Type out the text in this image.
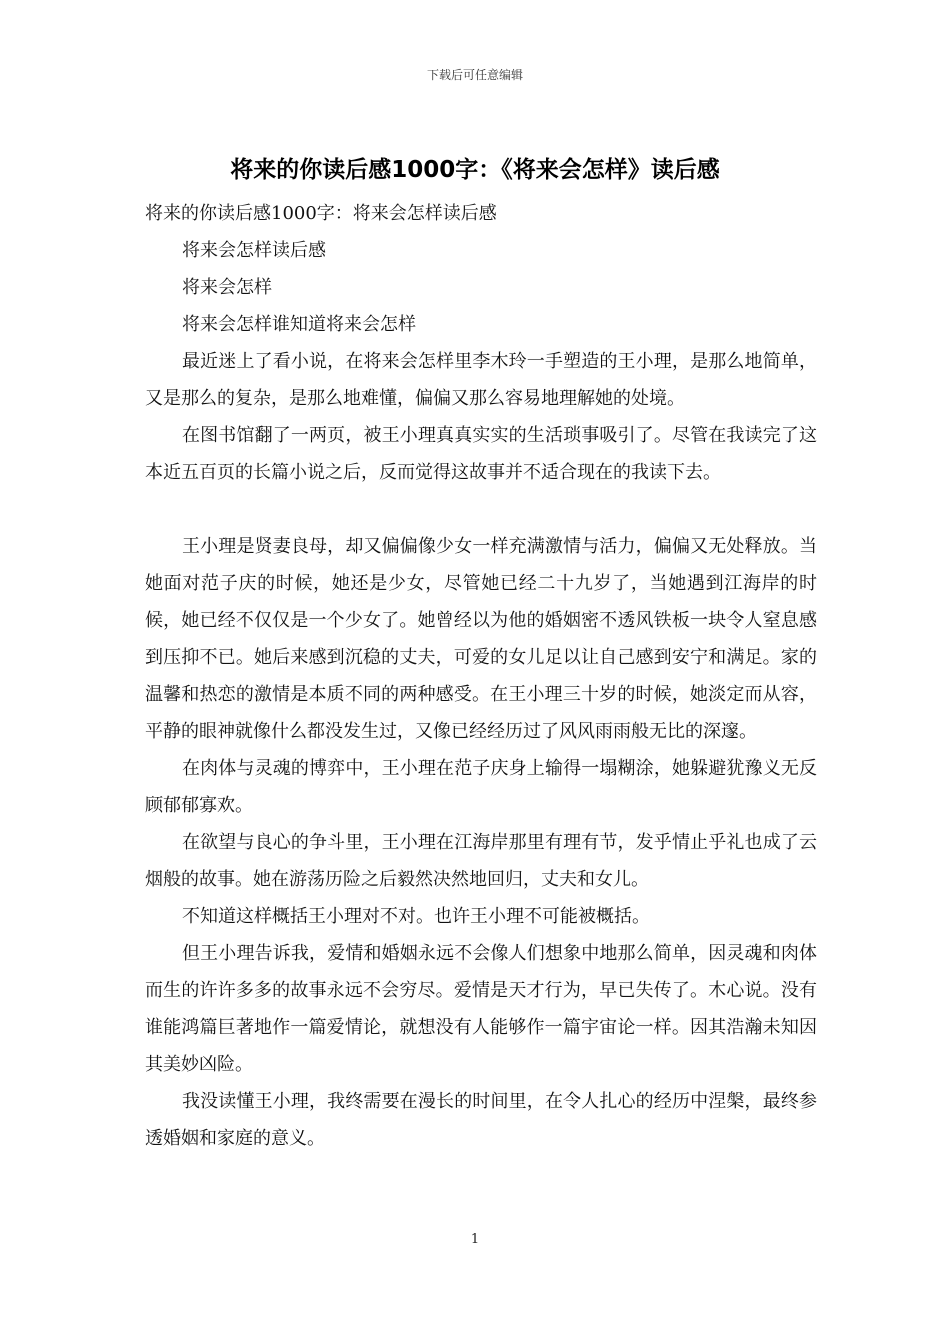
下载后可任意编辑
将来的你读后感1000字：《将来会怎样》读后感

将来的你读后感1000字：将来会怎样读后感

将来会怎样读后感

将来会怎样

将来会怎样谁知道将来会怎样

最近迷上了看小说，在将来会怎样里李木玲一手塑造的王小理，是那么地简单，又是那么的复杂，是那么地难懂，偏偏又那么容易地理解她的处境。

在图书馆翻了一两页，被王小理真真实实的生活琐事吸引了。尽管在我读完了这本近五百页的长篇小说之后，反而觉得这故事并不适合现在的我读下去。

王小理是贤妻良母，却又偏偏像少女一样充满激情与活力，偏偏又无处释放。当她面对范子庆的时候，她还是少女，尽管她已经二十九岁了，当她遇到江海岸的时候，她已经不仅仅是一个少女了。她曾经以为他的婚姻密不透风铁板一块令人窒息感到压抑不已。她后来感到沉稳的丈夫，可爱的女儿足以让自己感到安宁和满足。家的温馨和热恋的激情是本质不同的两种感受。在王小理三十岁的时候，她淡定而从容，平静的眼神就像什么都没发生过，又像已经经历过了风风雨雨般无比的深邃。

在肉体与灵魂的博弈中，王小理在范子庆身上输得一塌糊涂，她躲避犹豫义无反顾郁郁寡欢。

在欲望与良心的争斗里，王小理在江海岸那里有理有节，发乎情止乎礼也成了云烟般的故事。她在游荡历险之后毅然决然地回归，丈夫和女儿。

不知道这样概括王小理对不对。也许王小理不可能被概括。

但王小理告诉我，爱情和婚姻永远不会像人们想象中地那么简单，因灵魂和肉体而生的许许多多的故事永远不会穷尽。爱情是天才行为，早已失传了。木心说。没有谁能鸿篇巨著地作一篇爱情论，就想没有人能够作一篇宇宙论一样。因其浩瀚未知因其美妙凶险。

我没读懂王小理，我终需要在漫长的时间里，在令人扎心的经历中涅槃，最终参透婚姻和家庭的意义。

1
